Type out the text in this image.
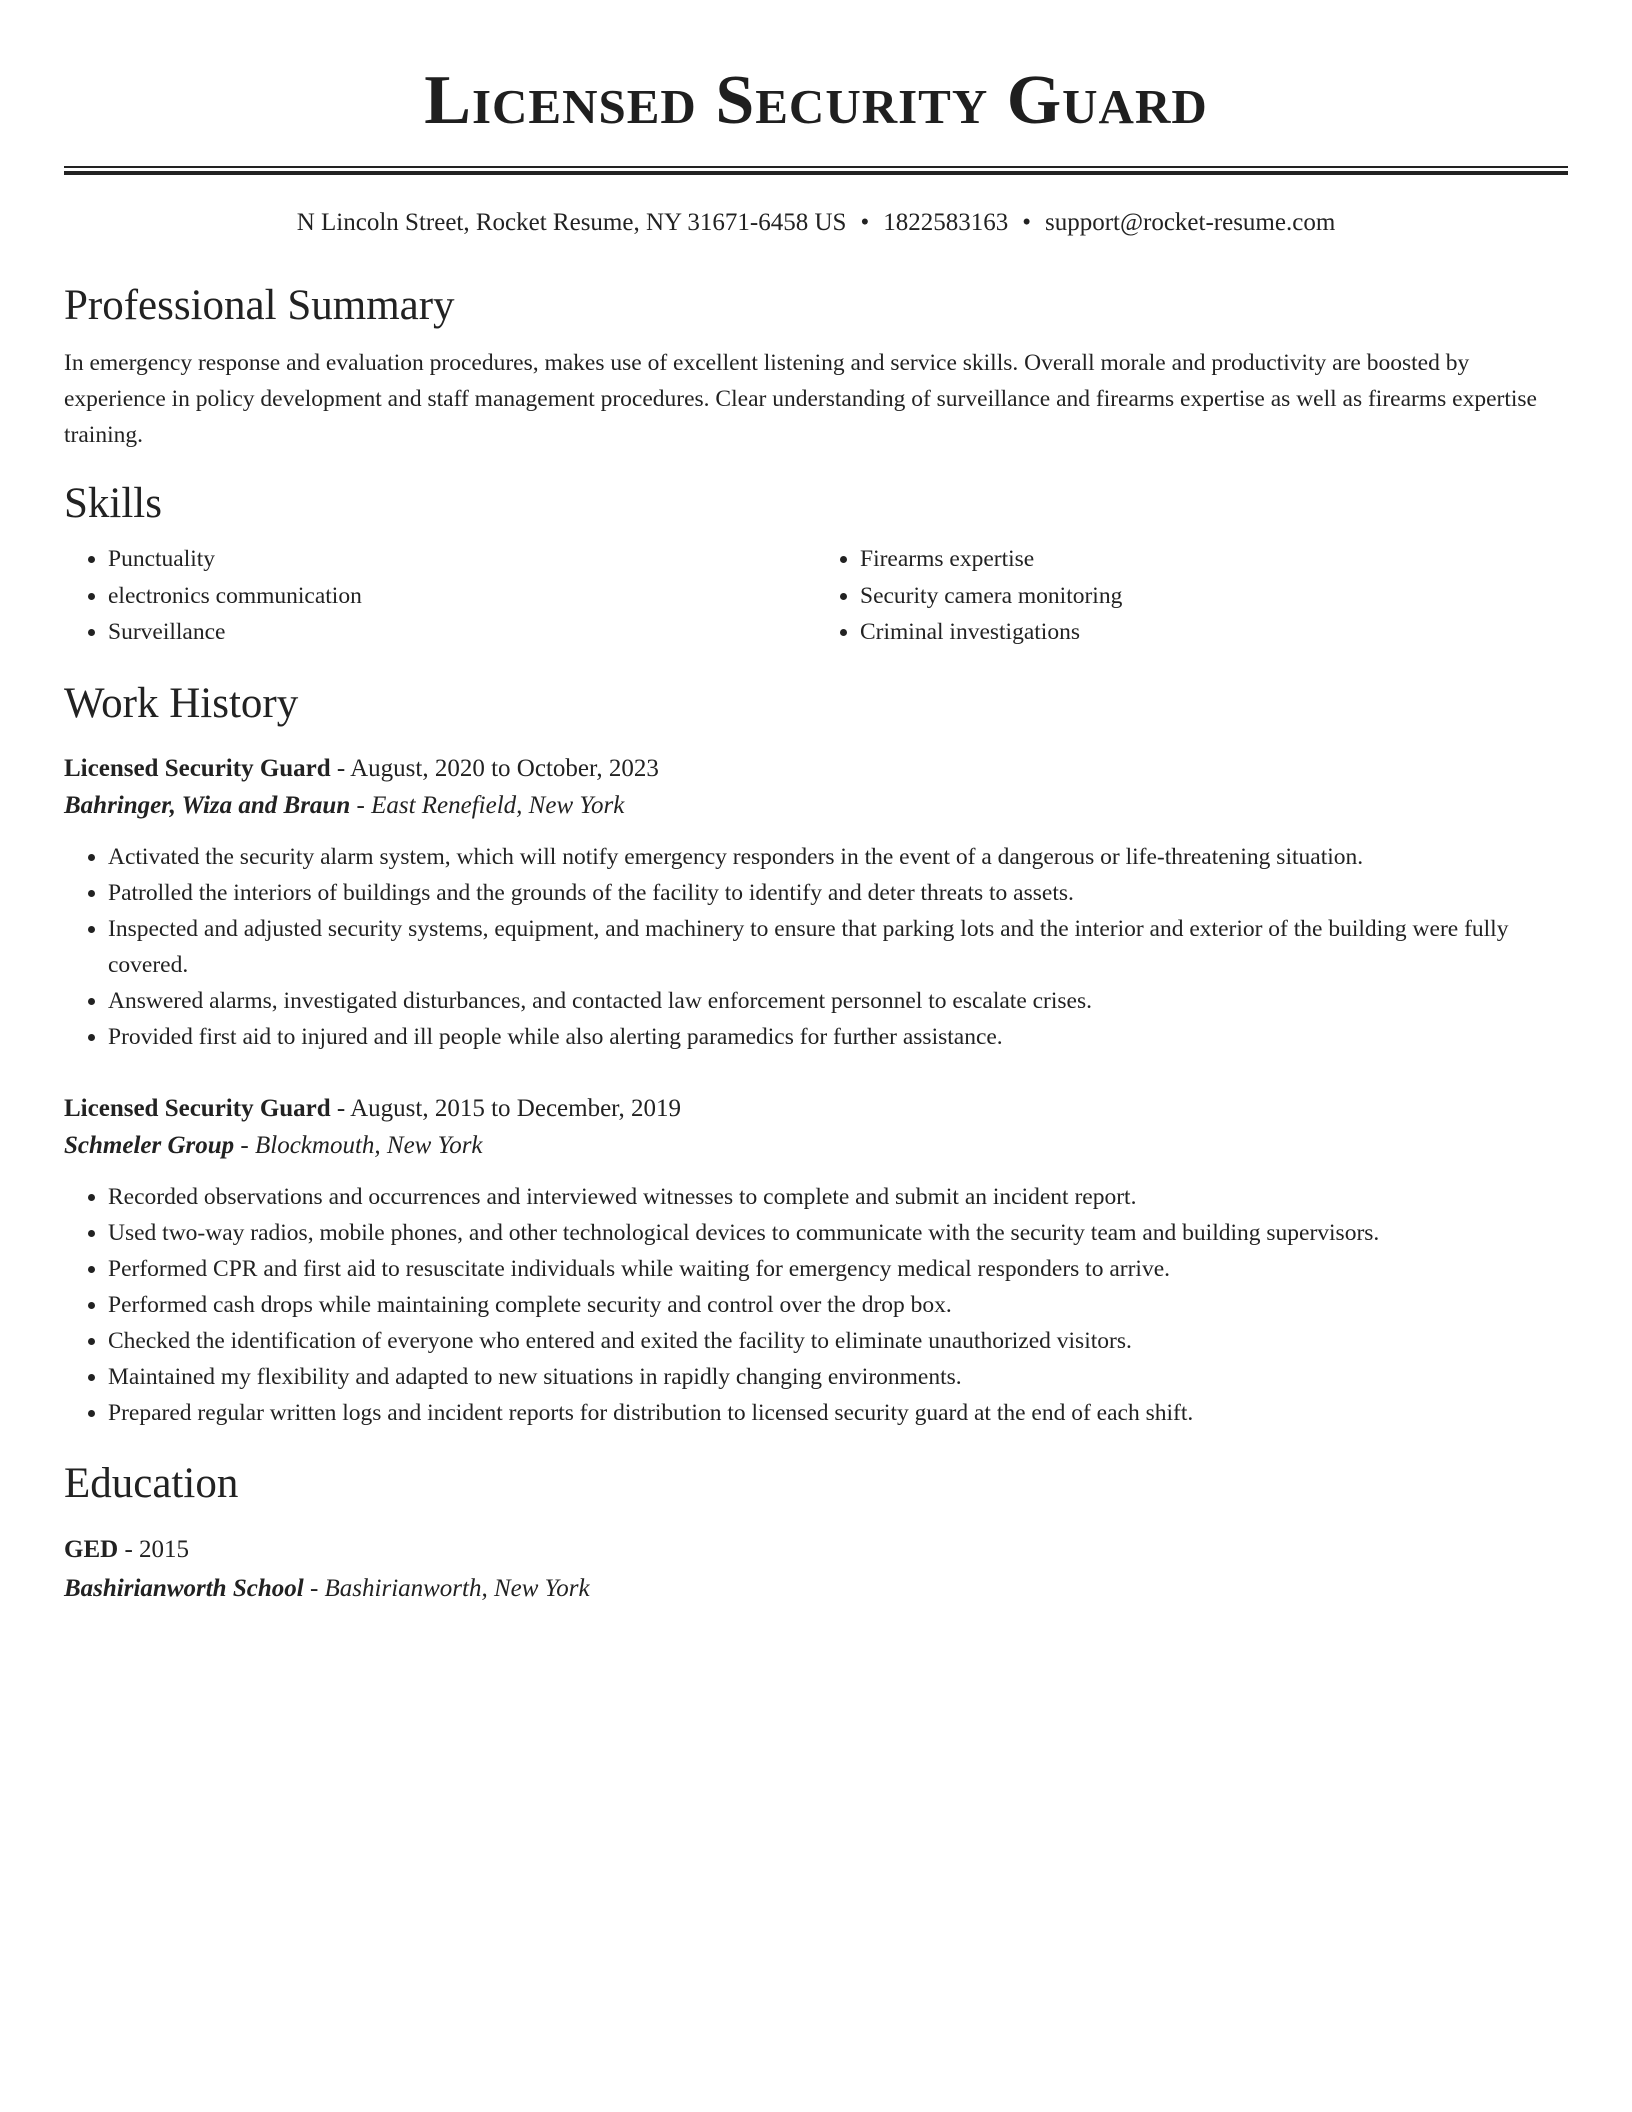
Licensed Security Guard
N Lincoln Street, Rocket Resume, NY 31671-6458 US • 1822583163 • support@rocket-resume.com
Professional Summary

In emergency response and evaluation procedures, makes use of excellent listening and service skills. Overall morale and productivity are boosted by experience in policy development and staff management procedures. Clear understanding of surveillance and firearms expertise as well as firearms expertise training.

Skills
• Punctuality
• electronics communication
• Surveillance
• Firearms expertise
• Security camera monitoring
• Criminal investigations
Work History
Licensed Security Guard - August, 2020 to October, 2023
Bahringer, Wiza and Braun - East Renefield, New York
• Activated the security alarm system, which will notify emergency responders in the event of a dangerous or life-threatening situation.
• Patrolled the interiors of buildings and the grounds of the facility to identify and deter threats to assets.
• Inspected and adjusted security systems, equipment, and machinery to ensure that parking lots and the interior and exterior of the building were fully covered.
• Answered alarms, investigated disturbances, and contacted law enforcement personnel to escalate crises.
• Provided first aid to injured and ill people while also alerting paramedics for further assistance.
Licensed Security Guard - August, 2015 to December, 2019
Schmeler Group - Blockmouth, New York
• Recorded observations and occurrences and interviewed witnesses to complete and submit an incident report.
• Used two-way radios, mobile phones, and other technological devices to communicate with the security team and building supervisors.
• Performed CPR and first aid to resuscitate individuals while waiting for emergency medical responders to arrive.
• Performed cash drops while maintaining complete security and control over the drop box.
• Checked the identification of everyone who entered and exited the facility to eliminate unauthorized visitors.
• Maintained my flexibility and adapted to new situations in rapidly changing environments.
• Prepared regular written logs and incident reports for distribution to licensed security guard at the end of each shift.
Education
GED - 2015
Bashirianworth School - Bashirianworth, New York
